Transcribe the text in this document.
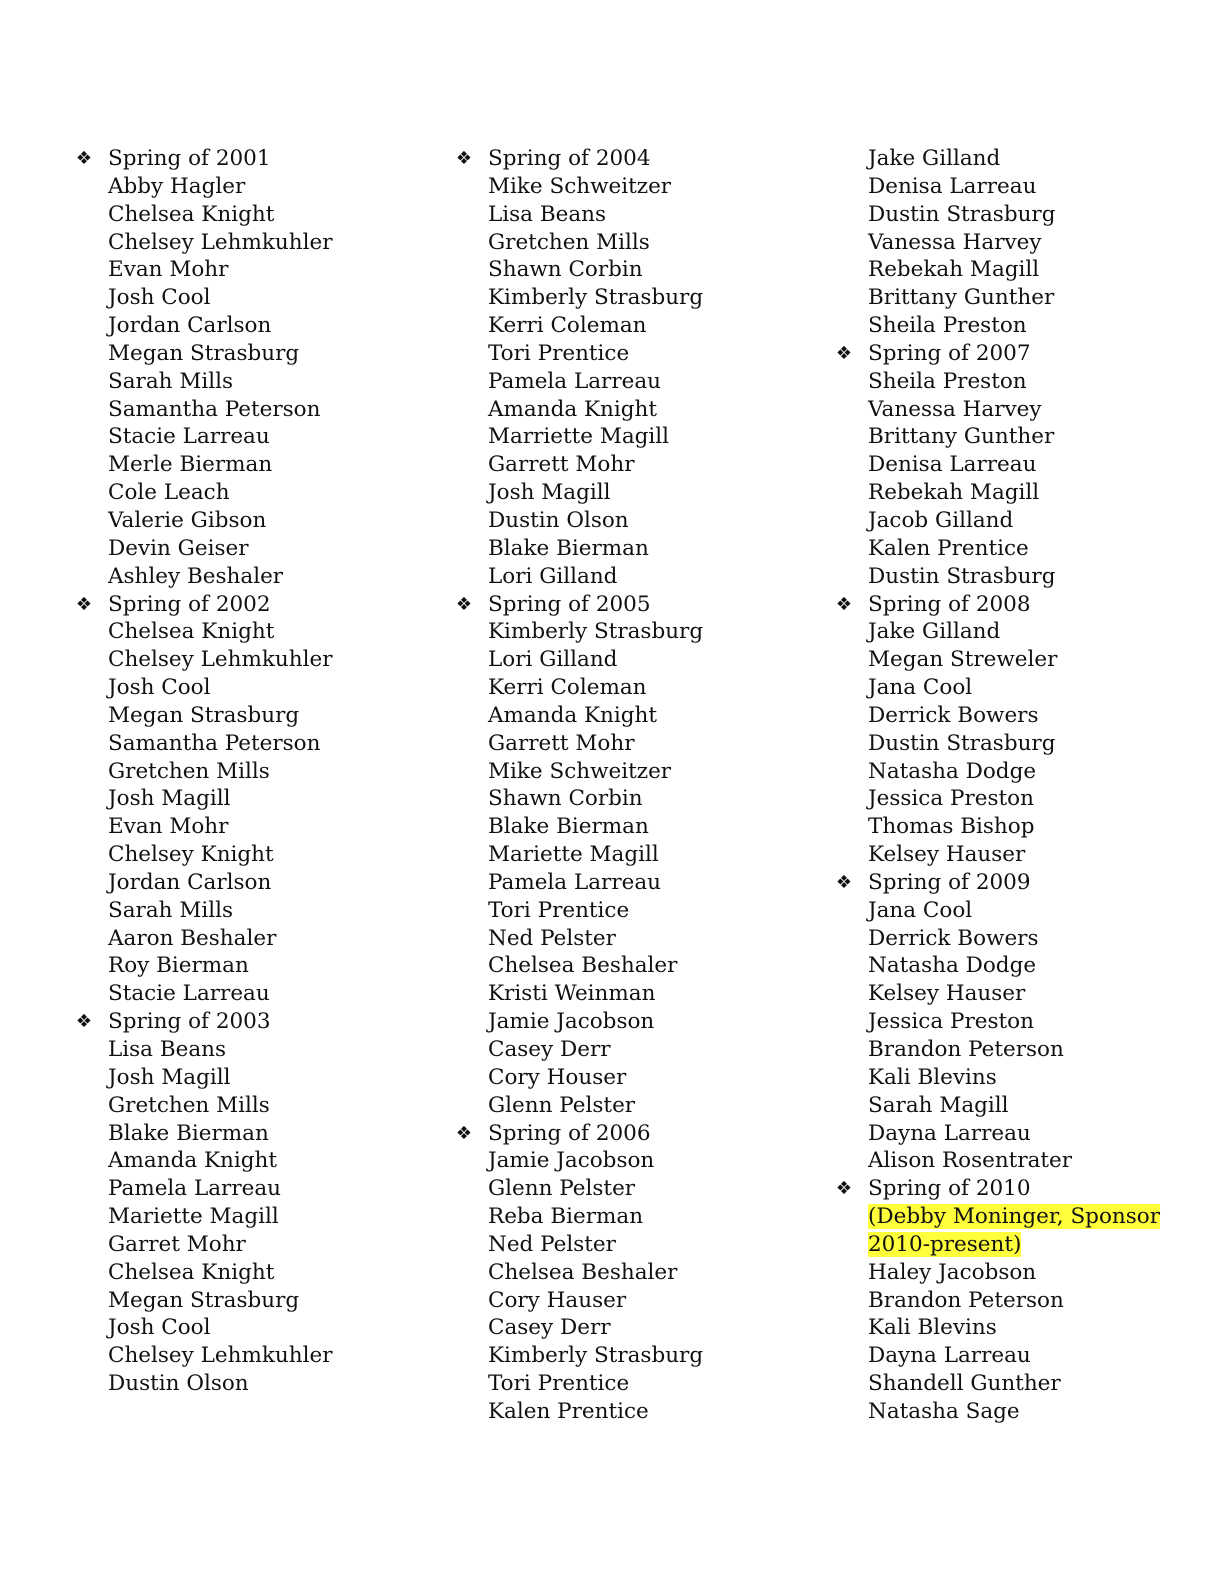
❖ Spring of 2001
Abby Hagler
Chelsea Knight
Chelsey Lehmkuhler
Evan Mohr
Josh Cool
Jordan Carlson
Megan Strasburg
Sarah Mills
Samantha Peterson
Stacie Larreau
Merle Bierman
Cole Leach
Valerie Gibson
Devin Geiser
Ashley Beshaler
❖ Spring of 2002
Chelsea Knight
Chelsey Lehmkuhler
Josh Cool
Megan Strasburg
Samantha Peterson
Gretchen Mills
Josh Magill
Evan Mohr
Chelsey Knight
Jordan Carlson
Sarah Mills
Aaron Beshaler
Roy Bierman
Stacie Larreau
❖ Spring of 2003
Lisa Beans
Josh Magill
Gretchen Mills
Blake Bierman
Amanda Knight
Pamela Larreau
Mariette Magill
Garret Mohr
Chelsea Knight
Megan Strasburg
Josh Cool
Chelsey Lehmkuhler
Dustin Olson
❖ Spring of 2004
Mike Schweitzer
Lisa Beans
Gretchen Mills
Shawn Corbin
Kimberly Strasburg
Kerri Coleman
Tori Prentice
Pamela Larreau
Amanda Knight
Marriette Magill
Garrett Mohr
Josh Magill
Dustin Olson
Blake Bierman
Lori Gilland
❖ Spring of 2005
Kimberly Strasburg
Lori Gilland
Kerri Coleman
Amanda Knight
Garrett Mohr
Mike Schweitzer
Shawn Corbin
Blake Bierman
Mariette Magill
Pamela Larreau
Tori Prentice
Ned Pelster
Chelsea Beshaler
Kristi Weinman
Jamie Jacobson
Casey Derr
Cory Houser
Glenn Pelster
❖ Spring of 2006
Jamie Jacobson
Glenn Pelster
Reba Bierman
Ned Pelster
Chelsea Beshaler
Cory Hauser
Casey Derr
Kimberly Strasburg
Tori Prentice
Kalen Prentice
Jake Gilland
Denisa Larreau
Dustin Strasburg
Vanessa Harvey
Rebekah Magill
Brittany Gunther
Sheila Preston
❖ Spring of 2007
Sheila Preston
Vanessa Harvey
Brittany Gunther
Denisa Larreau
Rebekah Magill
Jacob Gilland
Kalen Prentice
Dustin Strasburg
❖ Spring of 2008
Jake Gilland
Megan Streweler
Jana Cool
Derrick Bowers
Dustin Strasburg
Natasha Dodge
Jessica Preston
Thomas Bishop
Kelsey Hauser
❖ Spring of 2009
Jana Cool
Derrick Bowers
Natasha Dodge
Kelsey Hauser
Jessica Preston
Brandon Peterson
Kali Blevins
Sarah Magill
Dayna Larreau
Alison Rosentrater
❖ Spring of 2010
(Debby Moninger, Sponsor
2010-present)
Haley Jacobson
Brandon Peterson
Kali Blevins
Dayna Larreau
Shandell Gunther
Natasha Sage
